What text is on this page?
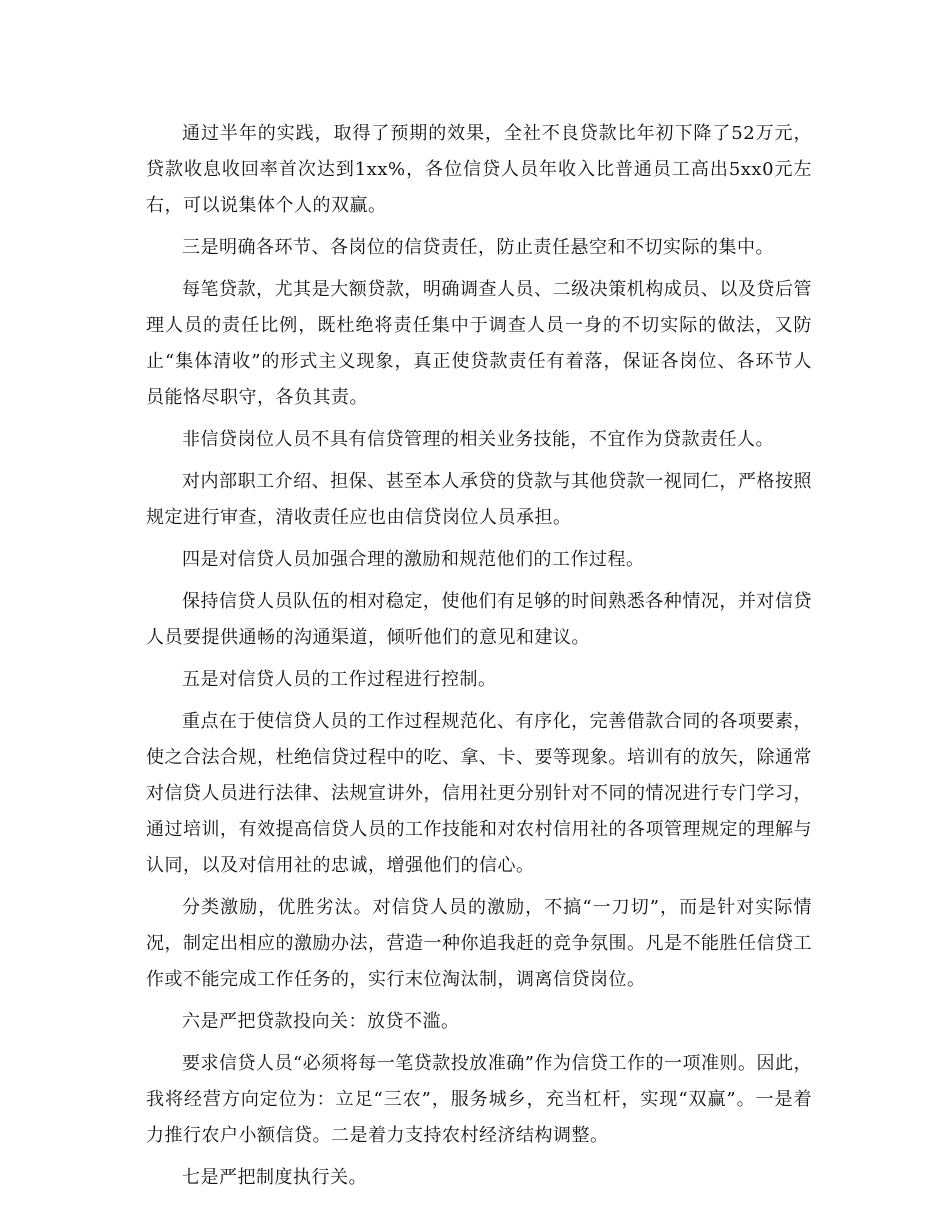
通过半年的实践，取得了预期的效果，全社不良贷款比年初下降了52万元，贷款收息收回率首次达到1xx%，各位信贷人员年收入比普通员工高出5xx0元左右，可以说集体个人的双赢。

三是明确各环节、各岗位的信贷责任，防止责任悬空和不切实际的集中。

每笔贷款，尤其是大额贷款，明确调查人员、二级决策机构成员、以及贷后管理人员的责任比例，既杜绝将责任集中于调查人员一身的不切实际的做法，又防止“集体清收”的形式主义现象，真正使贷款责任有着落，保证各岗位、各环节人员能恪尽职守，各负其责。

非信贷岗位人员不具有信贷管理的相关业务技能，不宜作为贷款责任人。

对内部职工介绍、担保、甚至本人承贷的贷款与其他贷款一视同仁，严格按照规定进行审查，清收责任应也由信贷岗位人员承担。

四是对信贷人员加强合理的激励和规范他们的工作过程。

保持信贷人员队伍的相对稳定，使他们有足够的时间熟悉各种情况，并对信贷人员要提供通畅的沟通渠道，倾听他们的意见和建议。

五是对信贷人员的工作过程进行控制。

重点在于使信贷人员的工作过程规范化、有序化，完善借款合同的各项要素，使之合法合规，杜绝信贷过程中的吃、拿、卡、要等现象。培训有的放矢，除通常对信贷人员进行法律、法规宣讲外，信用社更分别针对不同的情况进行专门学习，通过培训，有效提高信贷人员的工作技能和对农村信用社的各项管理规定的理解与认同，以及对信用社的忠诚，增强他们的信心。

分类激励，优胜劣汰。对信贷人员的激励，不搞“一刀切”，而是针对实际情况，制定出相应的激励办法，营造一种你追我赶的竞争氛围。凡是不能胜任信贷工作或不能完成工作任务的，实行末位淘汰制，调离信贷岗位。

六是严把贷款投向关：放贷不滥。

要求信贷人员“必须将每一笔贷款投放准确”作为信贷工作的一项准则。因此，我将经营方向定位为：立足“三农”，服务城乡，充当杠杆，实现“双赢”。一是着力推行农户小额信贷。二是着力支持农村经济结构调整。

七是严把制度执行关。
